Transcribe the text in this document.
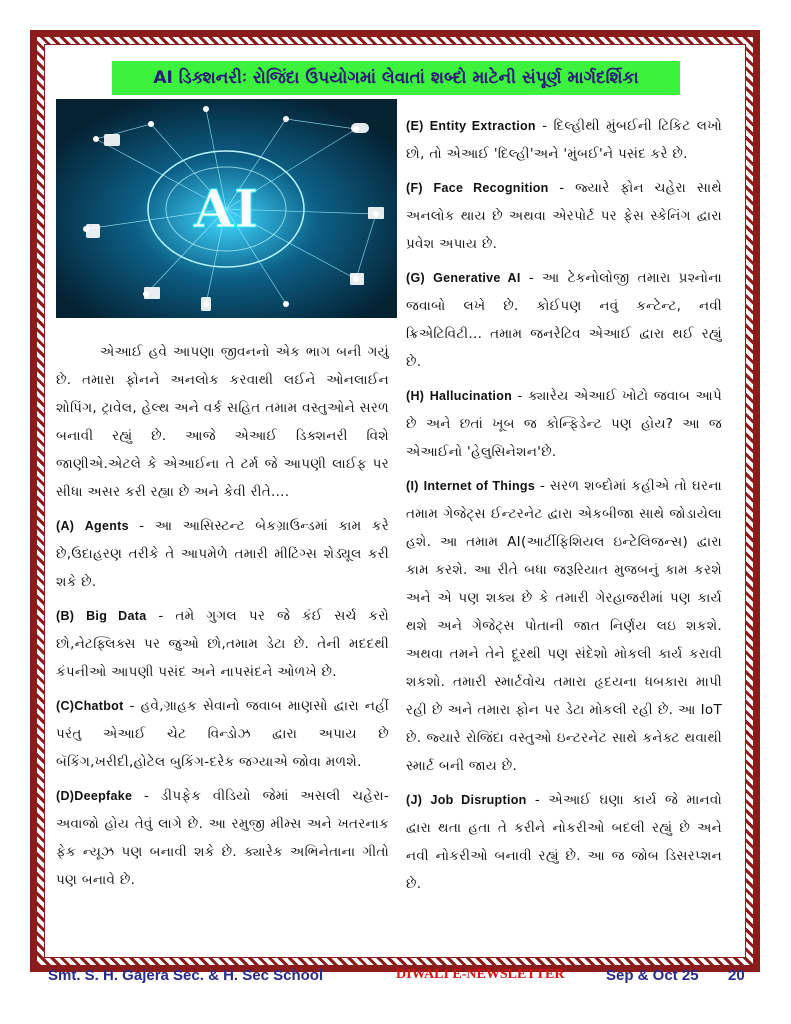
AI ડિક્શનરીઃ રોજિંદા ઉપયોગમાં લેવાતાં શબ્દો માટેની સંપૂર્ણ માર્ગદર્શિકા
AI

એઆઈ હવે આપણા જીવનનો એક ભાગ બની ગયું છે. તમારા ફોનને અનલોક કરવાથી લઈને ઓનલાઈન શોપિંગ, ટ્રાવેલ, હેલ્થ અને વર્ક સહિત તમામ વસ્તુઓને સરળ બનાવી રહ્યું છે. આજે એઆઈ ડિક્શનરી વિશે જાણીએ.એટલે કે એઆઈના તે ટર્મ જે આપણી લાઈફ પર સીધા અસર કરી રહ્યા છે અને કેવી રીતે....

(A) Agents - આ આસિસ્ટન્ટ બેકગ્રાઉન્ડમાં કામ કરે છે,ઉદાહરણ તરીકે તે આપમેળે તમારી મીટિંગ્સ શેડ્યૂલ કરી શકે છે.

(B) Big Data - તમે ગુગલ પર જે કંઈ સર્ચ કરો છો,નેટફ્લિક્સ પર જુઓ છો,તમામ ડેટા છે. તેની મદદથી કંપનીઓ આપણી પસંદ અને નાપસંદને ઓળખે છે.

(C)Chatbot - હવે,ગ્રાહક સેવાનો જવાબ માણસો દ્વારા નહીં પરંતુ એઆઈ ચેટ વિન્ડોઝ દ્વારા અપાય છે બૅકિંગ,ખરીદી,હોટેલ બુકિંગ-દરેક જગ્યાએ જોવા મળશે.

(D)Deepfake - ડીપફેક વીડિયો જેમાં અસલી ચહેરા-અવાજો હોય તેવું લાગે છે. આ રમુજી મીમ્સ અને ખતરનાક ફેક ન્યૂઝ પણ બનાવી શકે છે. ક્યારેક અભિનેતાના ગીતો પણ બનાવે છે.

(E) Entity Extraction - દિલ્હીથી મુંબઈની ટિકિટ લખો છો, તો એઆઈ 'દિલ્હી'અને 'મુંબઈ'ને પસંદ કરે છે.

(F) Face Recognition - જ્યારે ફોન ચહેરા સાથે અનલોક થાય છે અથવા એરપોર્ટ પર ફેસ સ્કેનિંગ દ્વારા પ્રવેશ અપાય છે.

(G) Generative AI - આ ટેકનોલોજી તમારા પ્રશ્નોના જવાબો લખે છે. કોઈપણ નવું કન્ટેન્ટ, નવી ક્રિએટિવિટી... તમામ જનરેટિવ એઆઈ દ્વારા થઈ રહ્યું છે.

(H) Hallucination - ક્યારેય એઆઈ ખોટો જવાબ આપે છે અને છતાં ખૂબ જ કોન્ફિડેન્ટ પણ હોય? આ જ એઆઈનો 'હેલુસિનેશન'છે.

(I) Internet of Things - સરળ શબ્દોમાં કહીએ તો ઘરના તમામ ગેજેટ્સ ઈન્ટરનેટ દ્વારા એકબીજા સાથે જોડાયેલા હશે. આ તમામ AI(આર્ટીફિશિયલ ઇન્ટેલિજન્સ) દ્વારા કામ કરશે. આ રીતે બધા જરૂરિયાત મુજબનું કામ કરશે અને એ પણ શક્ય છે કે તમારી ગેરહાજરીમાં પણ કાર્ય થશે અને ગેજેટ્સ પોતાની જાત નિર્ણય લઇ શકશે. અથવા તમને તેને દૂરથી પણ સંદેશો મોકલી કાર્ય કરાવી શકશો. તમારી સ્માર્ટવોચ તમારા હૃદયના ધબકારા માપી રહી છે અને તમારા ફોન પર ડેટા મોકલી રહી છે. આ IoT છે. જ્યારે રોજિંદા વસ્તુઓ ઇન્ટરનેટ સાથે કનેક્ટ થવાથી સ્માર્ટ બની જાય છે.

(J) Job Disruption - એઆઈ ઘણા કાર્ય જે માનવો દ્વારા થતા હતા તે કરીને નોકરીઓ બદલી રહ્યું છે અને નવી નોકરીઓ બનાવી રહ્યું છે. આ જ જોબ ડિસરપ્શન છે.

Smt. S. H. Gajera Sec. & H. Sec School	DIWALI E-NEWSLETTER	Sep & Oct 25 20
